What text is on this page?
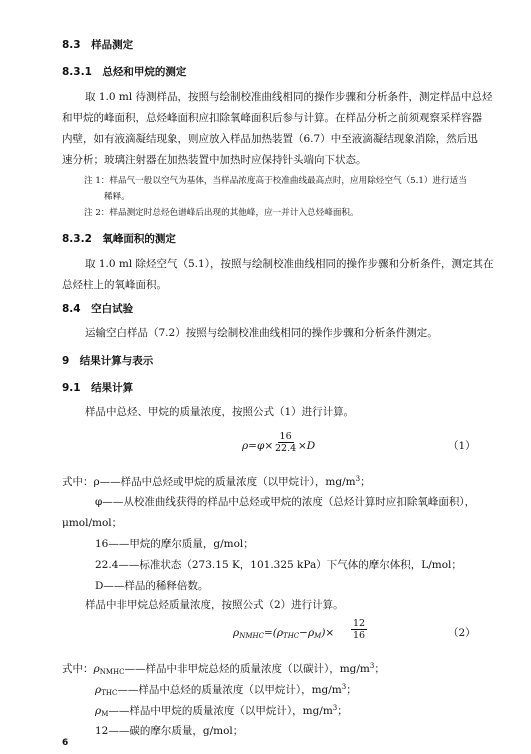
8.3　样品测定
8.3.1　总烃和甲烷的测定
取 1.0 ml 待测样品，按照与绘制校准曲线相同的操作步骤和分析条件，测定样品中总烃
和甲烷的峰面积，总烃峰面积应扣除氧峰面积后参与计算。在样品分析之前须观察采样容器
内壁，如有液滴凝结现象，则应放入样品加热装置（6.7）中至液滴凝结现象消除，然后迅
速分析；玻璃注射器在加热装置中加热时应保持针头端向下状态。
注 1：样品气一般以空气为基体，当样品浓度高于校准曲线最高点时，应用除烃空气（5.1）进行适当
稀释。
注 2：样品测定时总烃色谱峰后出现的其他峰，应一并计入总烃峰面积。
8.3.2　氧峰面积的测定
取 1.0 ml 除烃空气（5.1），按照与绘制校准曲线相同的操作步骤和分析条件，测定其在
总烃柱上的氧峰面积。
8.4　空白试验
运输空白样品（7.2）按照与绘制校准曲线相同的操作步骤和分析条件测定。
9　结果计算与表示
9.1　结果计算
样品中总烃、甲烷的质量浓度，按照公式（1）进行计算。
$\rho=\varphi\times \frac{16}{22.4} \times D$	（1）
式中：ρ——样品中总烃或甲烷的质量浓度（以甲烷计），$mg/m^3$；
φ——从校准曲线获得的样品中总烃或甲烷的浓度（总烃计算时应扣除氧峰面积），
μmol/mol；
16——甲烷的摩尔质量，g/mol；
22.4——标准状态（273.15 K，101.325 kPa）下气体的摩尔体积，L/mol；
D——样品的稀释倍数。
样品中非甲烷总烃质量浓度，按照公式（2）进行计算。
$\rho_{NMHC}=(\rho_{THC}-\rho_M)\times \frac{12}{16}$	（2）
式中：$\rho_{NMHC}——$样品中非甲烷总烃的质量浓度（以碳计），$mg/m^3$；
$\rho_{THC}——$样品中总烃的质量浓度（以甲烷计），$mg/m^3$；
$\rho_M——$样品中甲烷的质量浓度（以甲烷计），$mg/m^3$；
12——碳的摩尔质量，g/mol；
6
